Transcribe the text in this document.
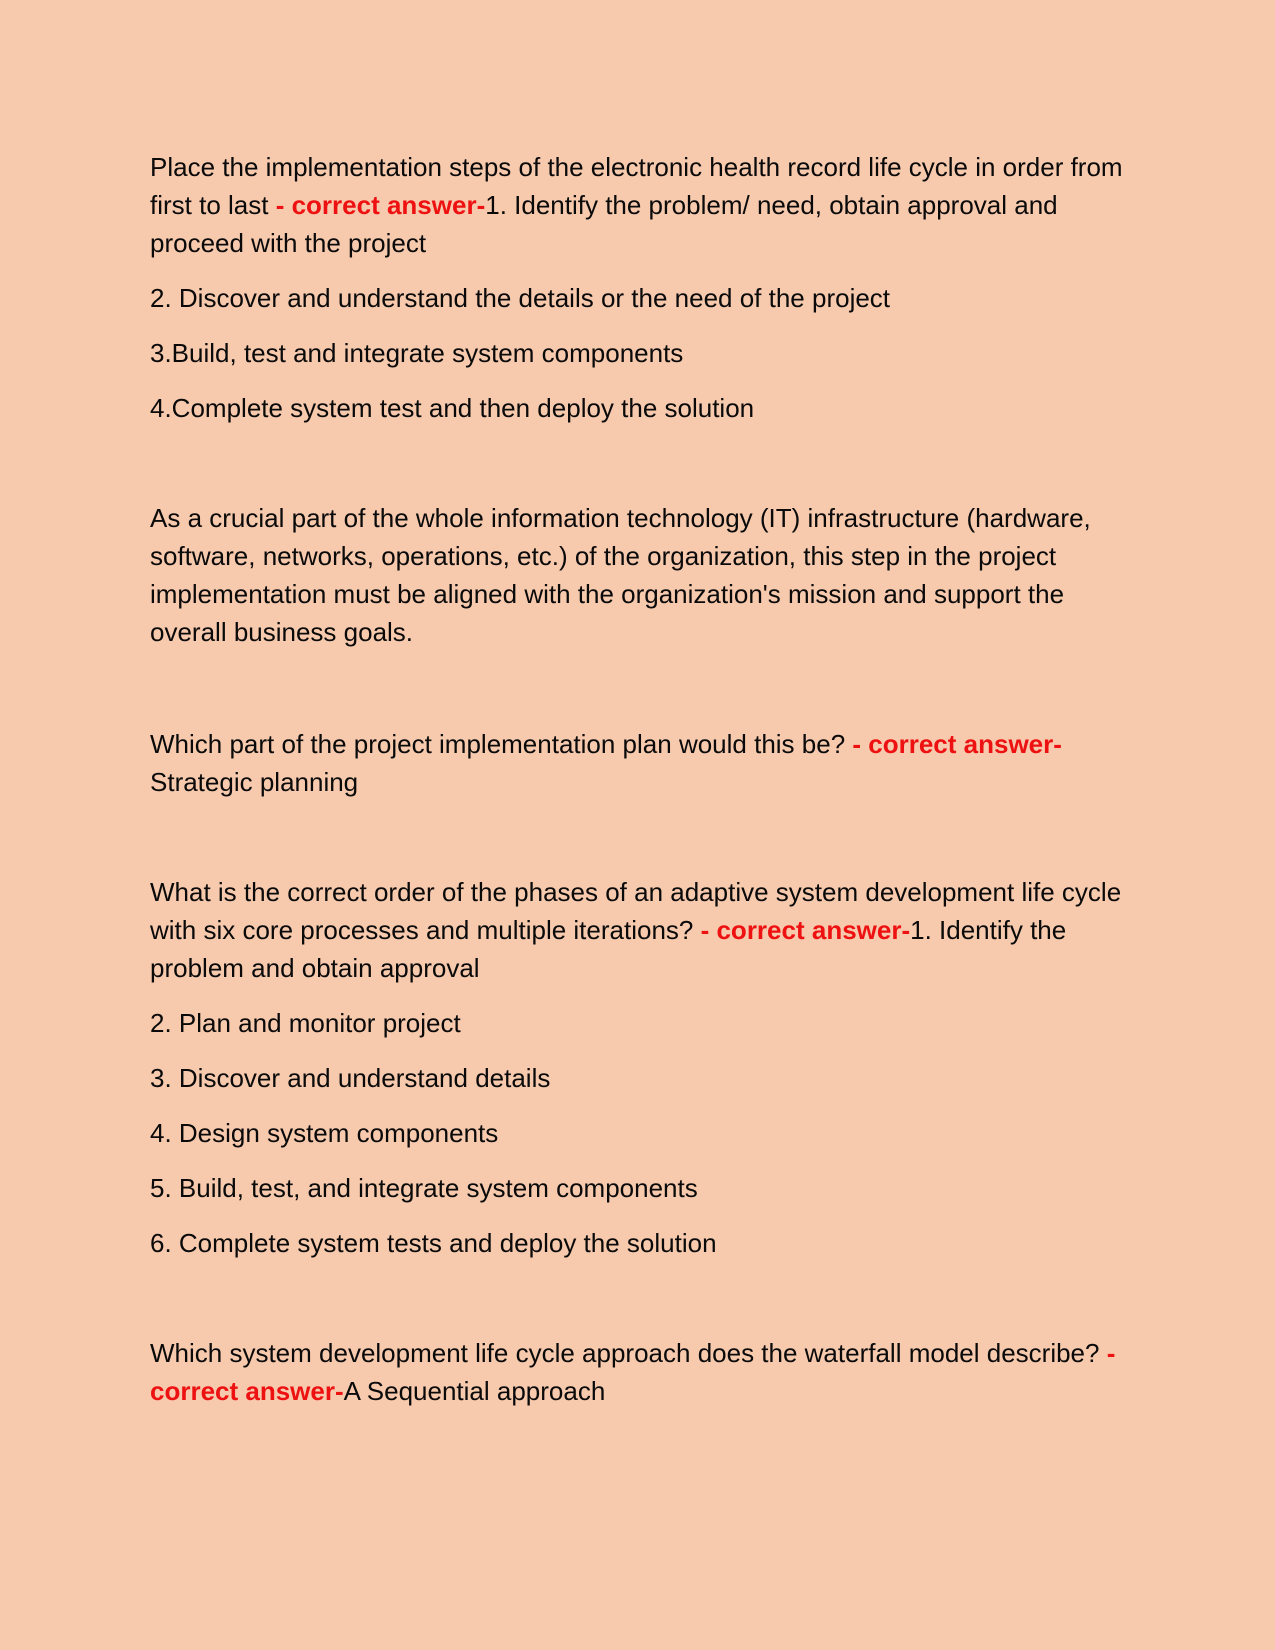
Place the implementation steps of the electronic health record life cycle in order from first to last - correct answer-1. Identify the problem/ need, obtain approval and proceed with the project

2. Discover and understand the details or the need of the project

3.Build, test and integrate system components

4.Complete system test and then deploy the solution

As a crucial part of the whole information technology (IT) infrastructure (hardware, software, networks, operations, etc.) of the organization, this step in the project implementation must be aligned with the organization's mission and support the overall business goals.

Which part of the project implementation plan would this be? - correct answer-Strategic planning

What is the correct order of the phases of an adaptive system development life cycle with six core processes and multiple iterations? - correct answer-1. Identify the problem and obtain approval

2. Plan and monitor project

3. Discover and understand details

4. Design system components

5. Build, test, and integrate system components

6. Complete system tests and deploy the solution

Which system development life cycle approach does the waterfall model describe? - correct answer-A Sequential approach
